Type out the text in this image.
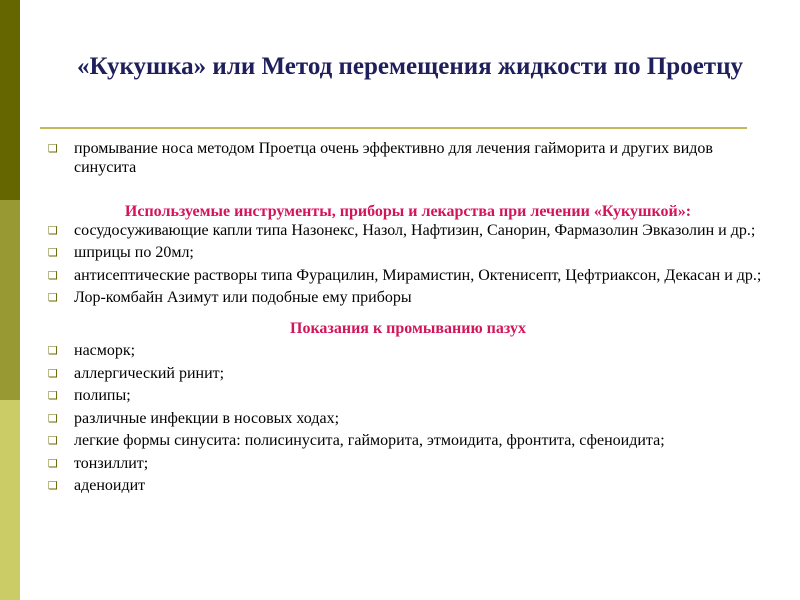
«Кукушка» или Метод перемещения жидкости по Проетцу
❑ промывание носа методом Проетца очень эффективно для лечения гайморита и других видов синусита
Используемые инструменты, приборы и лекарства при лечении «Кукушкой»:
❑ сосудосуживающие капли типа Назонекс, Назол, Нафтизин, Санорин, Фармазолин Эвказолин и др.;
❑ шприцы по 20мл;
❑ антисептические растворы типа Фурацилин, Мирамистин, Октенисепт, Цефтриаксон, Декасан и др.;
❑ Лор-комбайн Азимут или подобные ему приборы
Показания к промыванию пазух
❑ насморк;
❑ аллергический ринит;
❑ полипы;
❑ различные инфекции в носовых ходах;
❑ легкие формы синусита: полисинусита, гайморита, этмоидита, фронтита, сфеноидита;
❑ тонзиллит;
❑ аденоидит
